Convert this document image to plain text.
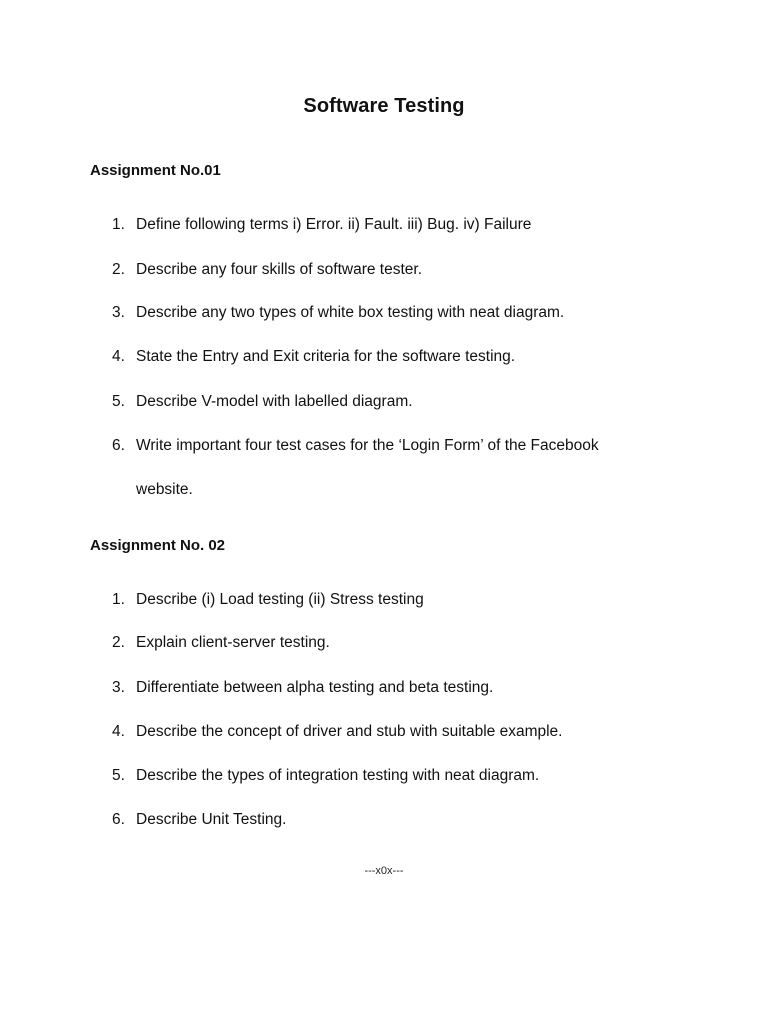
Software Testing
Assignment No.01
1. Define following terms i) Error. ii) Fault. iii) Bug. iv) Failure
2. Describe any four skills of software tester.
3. Describe any two types of white box testing with neat diagram.
4. State the Entry and Exit criteria for the software testing.
5. Describe V-model with labelled diagram.
6. Write important four test cases for the ‘Login Form’ of the Facebook
website.
Assignment No. 02
1. Describe (i) Load testing (ii) Stress testing
2. Explain client-server testing.
3. Differentiate between alpha testing and beta testing.
4. Describe the concept of driver and stub with suitable example.
5. Describe the types of integration testing with neat diagram.
6. Describe Unit Testing.
---x0x---
